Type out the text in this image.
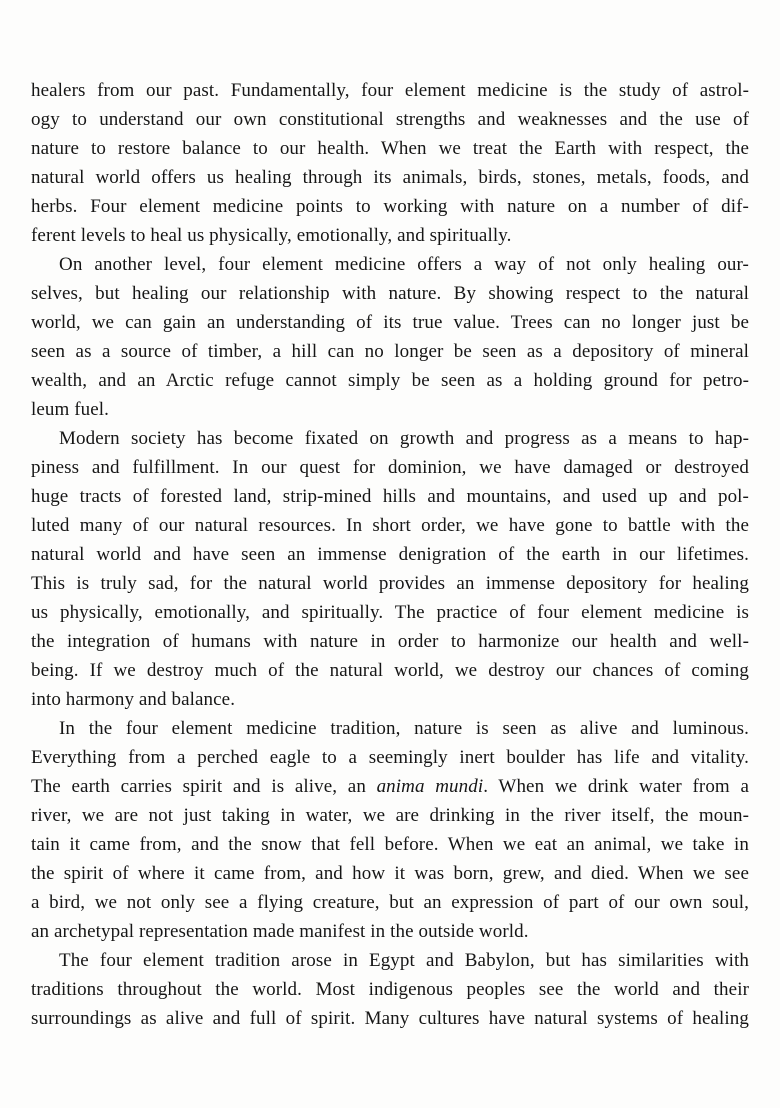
healers from our past. Fundamentally, four element medicine is the study of astrol-
ogy to understand our own constitutional strengths and weaknesses and the use of
nature to restore balance to our health. When we treat the Earth with respect, the
natural world offers us healing through its animals, birds, stones, metals, foods, and
herbs. Four element medicine points to working with nature on a number of dif-
ferent levels to heal us physically, emotionally, and spiritually.
On another level, four element medicine offers a way of not only healing our-
selves, but healing our relationship with nature. By showing respect to the natural
world, we can gain an understanding of its true value. Trees can no longer just be
seen as a source of timber, a hill can no longer be seen as a depository of mineral
wealth, and an Arctic refuge cannot simply be seen as a holding ground for petro-
leum fuel.
Modern society has become fixated on growth and progress as a means to hap-
piness and fulfillment. In our quest for dominion, we have damaged or destroyed
huge tracts of forested land, strip-mined hills and mountains, and used up and pol-
luted many of our natural resources. In short order, we have gone to battle with the
natural world and have seen an immense denigration of the earth in our lifetimes.
This is truly sad, for the natural world provides an immense depository for healing
us physically, emotionally, and spiritually. The practice of four element medicine is
the integration of humans with nature in order to harmonize our health and well-
being. If we destroy much of the natural world, we destroy our chances of coming
into harmony and balance.
In the four element medicine tradition, nature is seen as alive and luminous.
Everything from a perched eagle to a seemingly inert boulder has life and vitality.
The earth carries spirit and is alive, an anima mundi. When we drink water from a
river, we are not just taking in water, we are drinking in the river itself, the moun-
tain it came from, and the snow that fell before. When we eat an animal, we take in
the spirit of where it came from, and how it was born, grew, and died. When we see
a bird, we not only see a flying creature, but an expression of part of our own soul,
an archetypal representation made manifest in the outside world.
The four element tradition arose in Egypt and Babylon, but has similarities with
traditions throughout the world. Most indigenous peoples see the world and their
surroundings as alive and full of spirit. Many cultures have natural systems of healing
